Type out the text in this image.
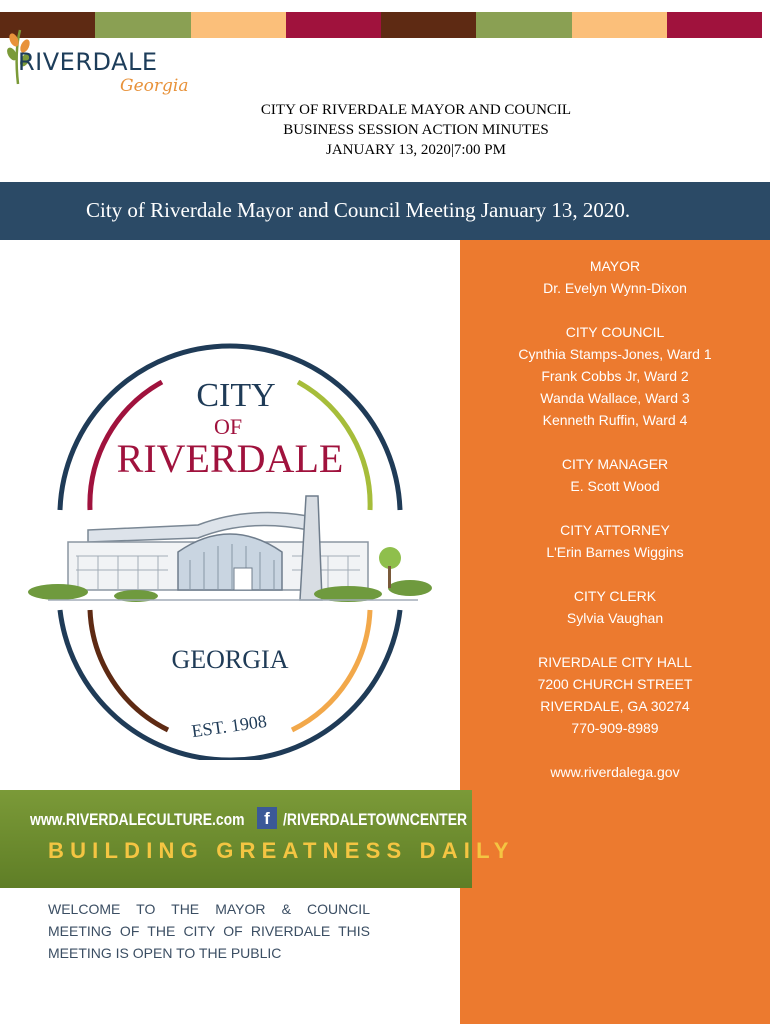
RIVERDALE
Georgia
CITY OF RIVERDALE MAYOR AND COUNCIL
BUSINESS SESSION ACTION MINUTES
JANUARY 13, 2020|7:00 PM
City of Riverdale Mayor and Council Meeting January 13, 2020.
MAYOR
Dr. Evelyn Wynn-Dixon
CITY COUNCIL
Cynthia Stamps-Jones, Ward 1
Frank Cobbs Jr, Ward 2
Wanda Wallace, Ward 3
Kenneth Ruffin, Ward 4
CITY MANAGER
E. Scott Wood
CITY ATTORNEY
L'Erin Barnes Wiggins
CITY CLERK
Sylvia Vaughan
RIVERDALE CITY HALL
7200 CHURCH STREET
RIVERDALE, GA 30274
770-909-8989
www.riverdalega.gov
CITY
OF
RIVERDALE
GEORGIA
EST. 1908
www.RIVERDALECULTURE.com	f /RIVERDALETOWNCENTER
BUILDING GREATNESS DAILY
WELCOME TO THE MAYOR & COUNCIL MEETING OF THE CITY OF RIVERDALE THIS MEETING IS OPEN TO THE PUBLIC
